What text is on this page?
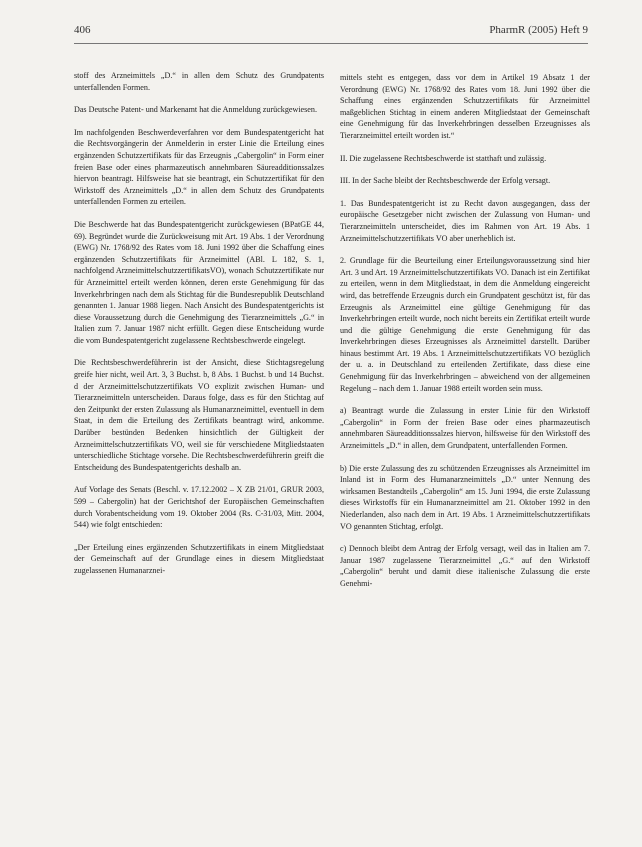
406	PharmR (2005) Heft 9

stoff des Arzneimittels „D.“ in allen dem Schutz des Grundpatents unterfallenden Formen.

Das Deutsche Patent- und Markenamt hat die Anmeldung zurückgewiesen.

Im nachfolgenden Beschwerdeverfahren vor dem Bundespatentgericht hat die Rechtsvorgängerin der Anmelderin in erster Linie die Erteilung eines ergänzenden Schutzzertifikats für das Erzeugnis „Cabergolin“ in Form einer freien Base oder eines pharmazeutisch annehmbaren Säureadditionssalzes hiervon beantragt. Hilfsweise hat sie beantragt, ein Schutzzertifikat für den Wirkstoff des Arzneimittels „D.“ in allen dem Schutz des Grundpatents unterfallenden Formen zu erteilen.

Die Beschwerde hat das Bundespatentgericht zurückgewiesen (BPatGE 44, 69). Begründet wurde die Zurückweisung mit Art. 19 Abs. 1 der Verordnung (EWG) Nr. 1768/92 des Rates vom 18. Juni 1992 über die Schaffung eines ergänzenden Schutzzertifikats für Arzneimittel (ABl. L 182, S. 1, nachfolgend ArzneimittelschutzzertifikatsVO), wonach Schutzzertifikate nur für Arzneimittel erteilt werden können, deren erste Genehmigung für das Inverkehrbringen nach dem als Stichtag für die Bundesrepublik Deutschland genannten 1. Januar 1988 liegen. Nach Ansicht des Bundespatentgerichts ist diese Voraussetzung durch die Genehmigung des Tierarzneimittels „G.“ in Italien zum 7. Januar 1987 nicht erfüllt. Gegen diese Entscheidung wurde die vom Bundespatentgericht zugelassene Rechtsbeschwerde eingelegt.

Die Rechtsbeschwerdeführerin ist der Ansicht, diese Stichtagsregelung greife hier nicht, weil Art. 3, 3 Buchst. b, 8 Abs. 1 Buchst. b und 14 Buchst. d der Arzneimittelschutzzertifikats VO explizit zwischen Human- und Tierarzneimitteln unterscheiden. Daraus folge, dass es für den Stichtag auf den Zeitpunkt der ersten Zulassung als Humanarzneimittel, eventuell in dem Staat, in dem die Erteilung des Zertifikats beantragt wird, ankomme. Darüber bestünden Bedenken hinsichtlich der Gültigkeit der Arzneimittelschutzzertifikats VO, weil sie für verschiedene Mitgliedstaaten unterschiedliche Stichtage vorsehe. Die Rechtsbeschwerdeführerin greift die Entscheidung des Bundespatentgerichts deshalb an.

Auf Vorlage des Senats (Beschl. v. 17.12.2002 – X ZB 21/01, GRUR 2003, 599 – Cabergolin) hat der Gerichtshof der Europäischen Gemeinschaften durch Vorabentscheidung vom 19. Oktober 2004 (Rs. C-31/03, Mitt. 2004, 544) wie folgt entschieden:

„Der Erteilung eines ergänzenden Schutzzertifikats in einem Mitgliedstaat der Gemeinschaft auf der Grundlage eines in diesem Mitgliedstaat zugelassenen Humanarznei-

mittels steht es entgegen, dass vor dem in Artikel 19 Absatz 1 der Verordnung (EWG) Nr. 1768/92 des Rates vom 18. Juni 1992 über die Schaffung eines ergänzenden Schutzzertifikats für Arzneimittel maßgeblichen Stichtag in einem anderen Mitgliedstaat der Gemeinschaft eine Genehmigung für das Inverkehrbringen desselben Erzeugnisses als Tierarzneimittel erteilt worden ist.“

II. Die zugelassene Rechtsbeschwerde ist statthaft und zulässig.

III. In der Sache bleibt der Rechtsbeschwerde der Erfolg versagt.

1. Das Bundespatentgericht ist zu Recht davon ausgegangen, dass der europäische Gesetzgeber nicht zwischen der Zulassung von Human- und Tierarzneimitteln unterscheidet, dies im Rahmen von Art. 19 Abs. 1 Arzneimittelschutzzertifikats VO aber unerheblich ist.

2. Grundlage für die Beurteilung einer Erteilungsvoraussetzung sind hier Art. 3 und Art. 19 Arzneimittelschutzzertifikats VO. Danach ist ein Zertifikat zu erteilen, wenn in dem Mitgliedstaat, in dem die Anmeldung eingereicht wird, das betreffende Erzeugnis durch ein Grundpatent geschützt ist, für das Erzeugnis als Arzneimittel eine gültige Genehmigung für das Inverkehrbringen erteilt wurde, noch nicht bereits ein Zertifikat erteilt wurde und die gültige Genehmigung die erste Genehmigung für das Inverkehrbringen dieses Erzeugnisses als Arzneimittel darstellt. Darüber hinaus bestimmt Art. 19 Abs. 1 Arzneimittelschutzzertifikats VO bezüglich der u. a. in Deutschland zu erteilenden Zertifikate, dass diese eine Genehmigung für das Inverkehrbringen – abweichend von der allgemeinen Regelung – nach dem 1. Januar 1988 erteilt worden sein muss.

a) Beantragt wurde die Zulassung in erster Linie für den Wirkstoff „Cabergolin“ in Form der freien Base oder eines pharmazeutisch annehmbaren Säureadditionssalzes hiervon, hilfsweise für den Wirkstoff des Arzneimittels „D.“ in allen, dem Grundpatent, unterfallenden Formen.

b) Die erste Zulassung des zu schützenden Erzeugnisses als Arzneimittel im Inland ist in Form des Humanarzneimittels „D.“ unter Nennung des wirksamen Bestandteils „Cabergolin“ am 15. Juni 1994, die erste Zulassung dieses Wirkstoffs für ein Humanarzneimittel am 21. Oktober 1992 in den Niederlanden, also nach dem in Art. 19 Abs. 1 Arzneimittelschutzzertifikats VO genannten Stichtag, erfolgt.

c) Dennoch bleibt dem Antrag der Erfolg versagt, weil das in Italien am 7. Januar 1987 zugelassene Tierarzneimittel „G.“ auf den Wirkstoff „Cabergolin“ beruht und damit diese italienische Zulassung die erste Genehmi-
